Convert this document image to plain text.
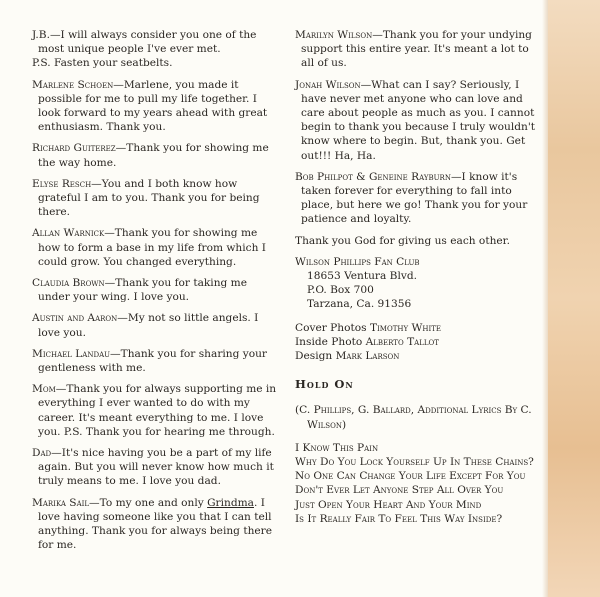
J.B.—I will always consider you one of the most unique people I've ever met.
P.S. Fasten your seatbelts.

Marlene Schoen—Marlene, you made it possible for me to pull my life together. I look forward to my years ahead with great enthusiasm. Thank you.

Richard Guiterez—Thank you for showing me the way home.

Elyse Resch—You and I both know how grateful I am to you. Thank you for being there.

Allan Warnick—Thank you for showing me how to form a base in my life from which I could grow. You changed everything.

Claudia Brown—Thank you for taking me under your wing. I love you.

Austin and Aaron—My not so little angels. I love you.

Michael Landau—Thank you for sharing your gentleness with me.

Mom—Thank you for always supporting me in everything I ever wanted to do with my career. It's meant everything to me. I love you. P.S. Thank you for hearing me through.

Dad—It's nice having you be a part of my life again. But you will never know how much it truly means to me. I love you dad.

Marika Sail—To my one and only Grindma. I love having someone like you that I can tell anything. Thank you for always being there for me.

Marilyn Wilson—Thank you for your undying support this entire year. It's meant a lot to all of us.

Jonah Wilson—What can I say? Seriously, I have never met anyone who can love and care about people as much as you. I cannot begin to thank you because I truly wouldn't know where to begin. But, thank you. Get out!!! Ha, Ha.

Bob Philpot & Geneine Rayburn—I know it's taken forever for everything to fall into place, but here we go! Thank you for your patience and loyalty.

Thank you God for giving us each other.

Wilson Phillips Fan Club
18653 Ventura Blvd.
P.O. Box 700
Tarzana, Ca. 91356
Cover Photos Timothy White
Inside Photo Alberto Tallot
Design Mark Larson
Hold On

(C. Phillips, G. Ballard, Additional Lyrics By C. Wilson)

I Know This Pain

Why Do You Lock Yourself Up In These Chains?

No One Can Change Your Life Except For You

Don't Ever Let Anyone Step All Over You

Just Open Your Heart And Your Mind

Is It Really Fair To Feel This Way Inside?
